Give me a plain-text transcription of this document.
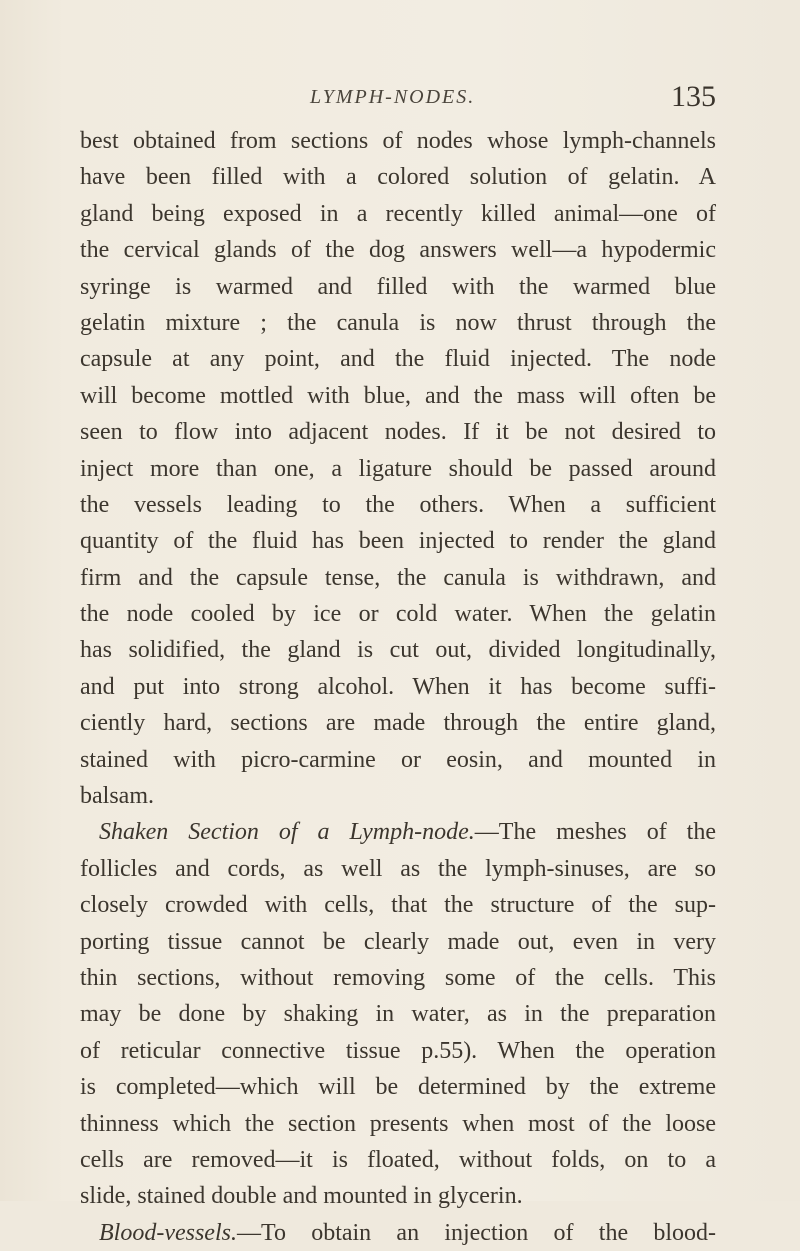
LYMPH-NODES.	135
best obtained from sections of nodes whose lymph-channels
have been filled with a colored solution of gelatin. A
gland being exposed in a recently killed animal—one of
the cervical glands of the dog answers well—a hypodermic
syringe is warmed and filled with the warmed blue
gelatin mixture ; the canula is now thrust through the
capsule at any point, and the fluid injected. The node
will become mottled with blue, and the mass will often be
seen to flow into adjacent nodes. If it be not desired to
inject more than one, a ligature should be passed around
the vessels leading to the others. When a sufficient
quantity of the fluid has been injected to render the gland
firm and the capsule tense, the canula is withdrawn, and
the node cooled by ice or cold water. When the gelatin
has solidified, the gland is cut out, divided longitudinally,
and put into strong alcohol. When it has become suffi-
ciently hard, sections are made through the entire gland,
stained with picro-carmine or eosin, and mounted in
balsam.
Shaken Section of a Lymph-node.—The meshes of the
follicles and cords, as well as the lymph-sinuses, are so
closely crowded with cells, that the structure of the sup-
porting tissue cannot be clearly made out, even in very
thin sections, without removing some of the cells. This
may be done by shaking in water, as in the preparation
of reticular connective tissue p.55). When the operation
is completed—which will be determined by the extreme
thinness which the section presents when most of the loose
cells are removed—it is floated, without folds, on to a
slide, stained double and mounted in glycerin.
Blood-vessels.—To obtain an injection of the blood-
